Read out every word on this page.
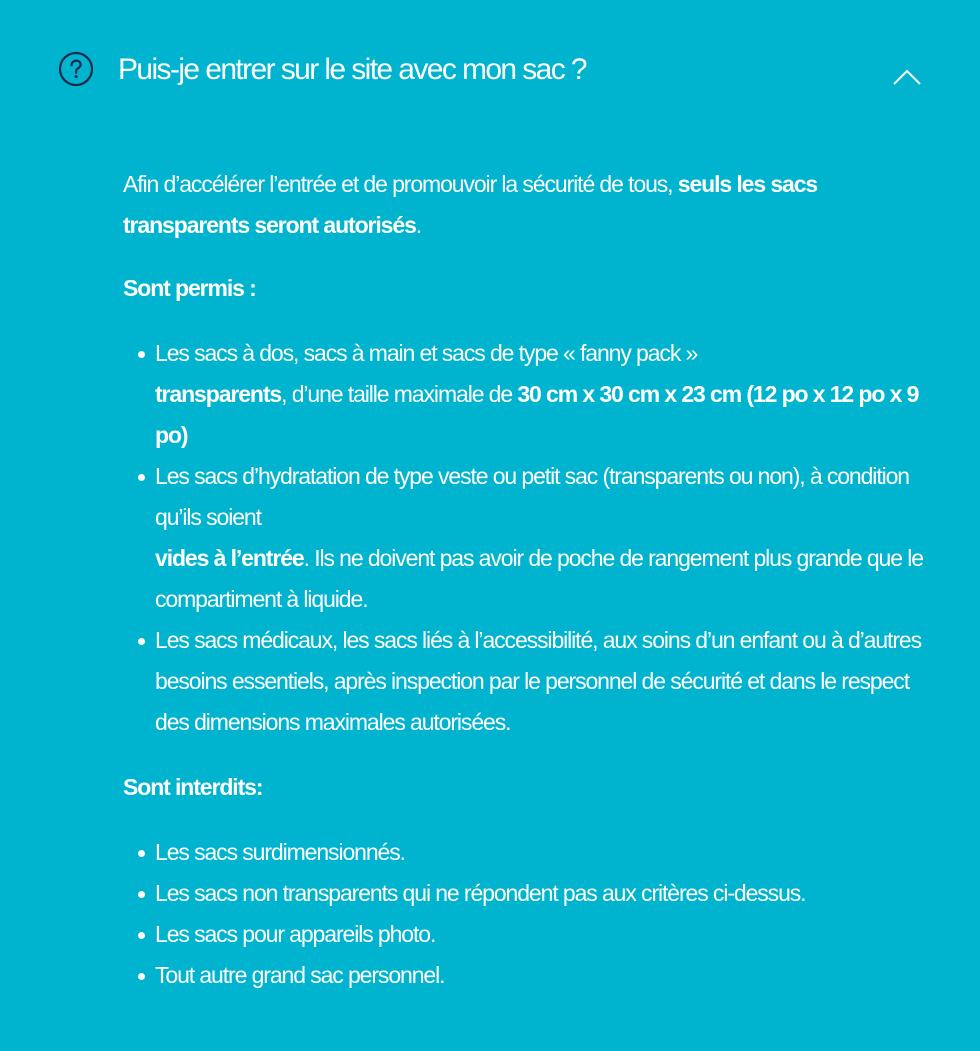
Puis-je entrer sur le site avec mon sac ?

Afin d’accélérer l’entrée et de promouvoir la sécurité de tous, seuls les sacs transparents seront autorisés.

Sont permis :

Les sacs à dos, sacs à main et sacs de type « fanny pack »
transparents, d’une taille maximale de 30 cm x 30 cm x 23 cm (12 po x 12 po x 9 po)
Les sacs d’hydratation de type veste ou petit sac (transparents ou non), à condition qu’ils soient
vides à l’entrée. Ils ne doivent pas avoir de poche de rangement plus grande que le compartiment à liquide.
Les sacs médicaux, les sacs liés à l’accessibilité, aux soins d’un enfant ou à d’autres besoins essentiels, après inspection par le personnel de sécurité et dans le respect des dimensions maximales autorisées.

Sont interdits:

Les sacs surdimensionnés.
Les sacs non transparents qui ne répondent pas aux critères ci-dessus.
Les sacs pour appareils photo.
Tout autre grand sac personnel.
